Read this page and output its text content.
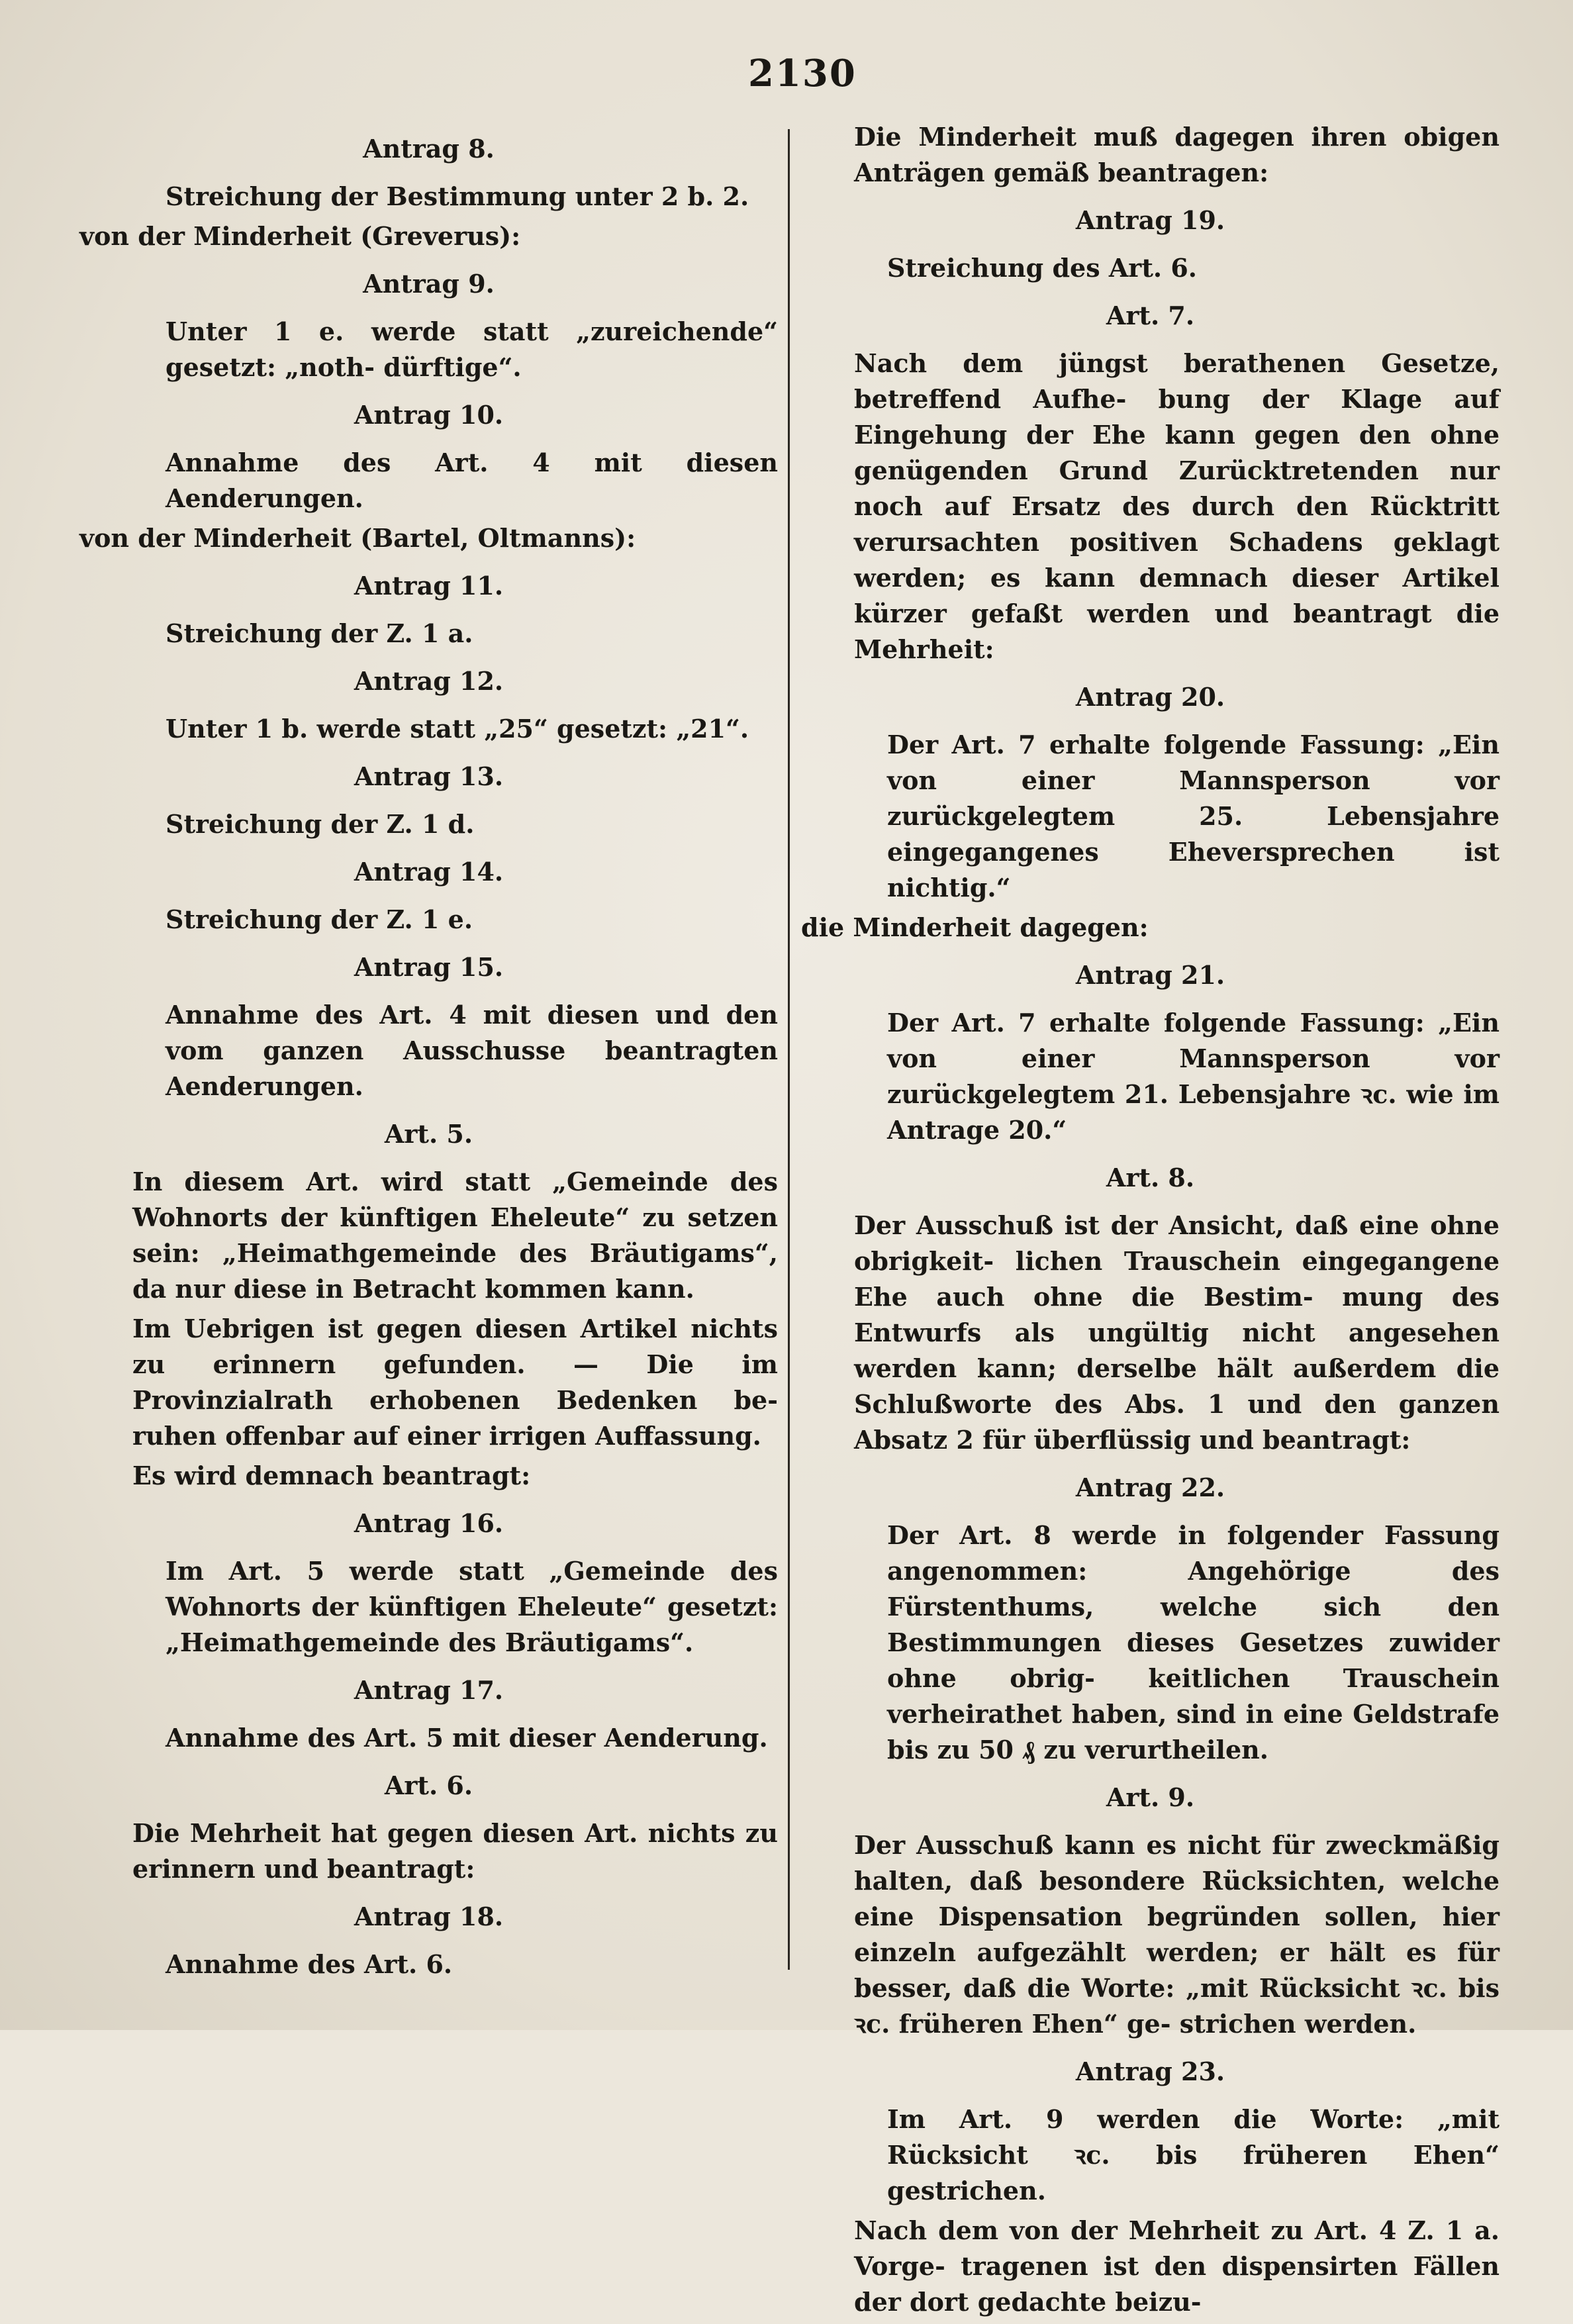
2130
Antrag 8.
Streichung der Bestimmung unter 2 b. 2.
von der Minderheit (Greverus):
Antrag 9.
Unter 1 e. werde statt „zureichende“ gesetzt: „noth- dürftige“.
Antrag 10.
Annahme des Art. 4 mit diesen Aenderungen.
von der Minderheit (Bartel, Oltmanns):
Antrag 11.
Streichung der Z. 1 a.
Antrag 12.
Unter 1 b. werde statt „25“ gesetzt: „21“.
Antrag 13.
Streichung der Z. 1 d.
Antrag 14.
Streichung der Z. 1 e.
Antrag 15.
Annahme des Art. 4 mit diesen und den vom ganzen Ausschusse beantragten Aenderungen.
Art. 5.
In diesem Art. wird statt „Gemeinde des Wohnorts der künftigen Eheleute“ zu setzen sein: „Heimathgemeinde des Bräutigams“, da nur diese in Betracht kommen kann.
Im Uebrigen ist gegen diesen Artikel nichts zu erinnern gefunden. — Die im Provinzialrath erhobenen Bedenken be- ruhen offenbar auf einer irrigen Auffassung.
Es wird demnach beantragt:
Antrag 16.
Im Art. 5 werde statt „Gemeinde des Wohnorts der künftigen Eheleute“ gesetzt: „Heimathgemeinde des Bräutigams“.
Antrag 17.
Annahme des Art. 5 mit dieser Aenderung.
Art. 6.
Die Mehrheit hat gegen diesen Art. nichts zu erinnern und beantragt:
Antrag 18.
Annahme des Art. 6.
Die Minderheit muß dagegen ihren obigen Anträgen gemäß beantragen:
Antrag 19.
Streichung des Art. 6.
Art. 7.
Nach dem jüngst berathenen Gesetze, betreffend Aufhe- bung der Klage auf Eingehung der Ehe kann gegen den ohne genügenden Grund Zurücktretenden nur noch auf Ersatz des durch den Rücktritt verursachten positiven Schadens geklagt werden; es kann demnach dieser Artikel kürzer gefaßt werden und beantragt die Mehrheit:
Antrag 20.
Der Art. 7 erhalte folgende Fassung: „Ein von einer Mannsperson vor zurückgelegtem 25. Lebensjahre eingegangenes Eheversprechen ist nichtig.“
die Minderheit dagegen:
Antrag 21.
Der Art. 7 erhalte folgende Fassung: „Ein von einer Mannsperson vor zurückgelegtem 21. Lebensjahre ꝛc. wie im Antrage 20.“
Art. 8.
Der Ausschuß ist der Ansicht, daß eine ohne obrigkeit- lichen Trauschein eingegangene Ehe auch ohne die Bestim- mung des Entwurfs als ungültig nicht angesehen werden kann; derselbe hält außerdem die Schlußworte des Abs. 1 und den ganzen Absatz 2 für überflüssig und beantragt:
Antrag 22.
Der Art. 8 werde in folgender Fassung angenommen: Angehörige des Fürstenthums, welche sich den Bestimmungen dieses Gesetzes zuwider ohne obrig- keitlichen Trauschein verheirathet haben, sind in eine Geldstrafe bis zu 50 ₰ zu verurtheilen.
Art. 9.
Der Ausschuß kann es nicht für zweckmäßig halten, daß besondere Rücksichten, welche eine Dispensation begründen sollen, hier einzeln aufgezählt werden; er hält es für besser, daß die Worte: „mit Rücksicht ꝛc. bis ꝛc. früheren Ehen“ ge- strichen werden.
Antrag 23.
Im Art. 9 werden die Worte: „mit Rücksicht ꝛc. bis früheren Ehen“ gestrichen.
Nach dem von der Mehrheit zu Art. 4 Z. 1 a. Vorge- tragenen ist den dispensirten Fällen der dort gedachte beizu-
